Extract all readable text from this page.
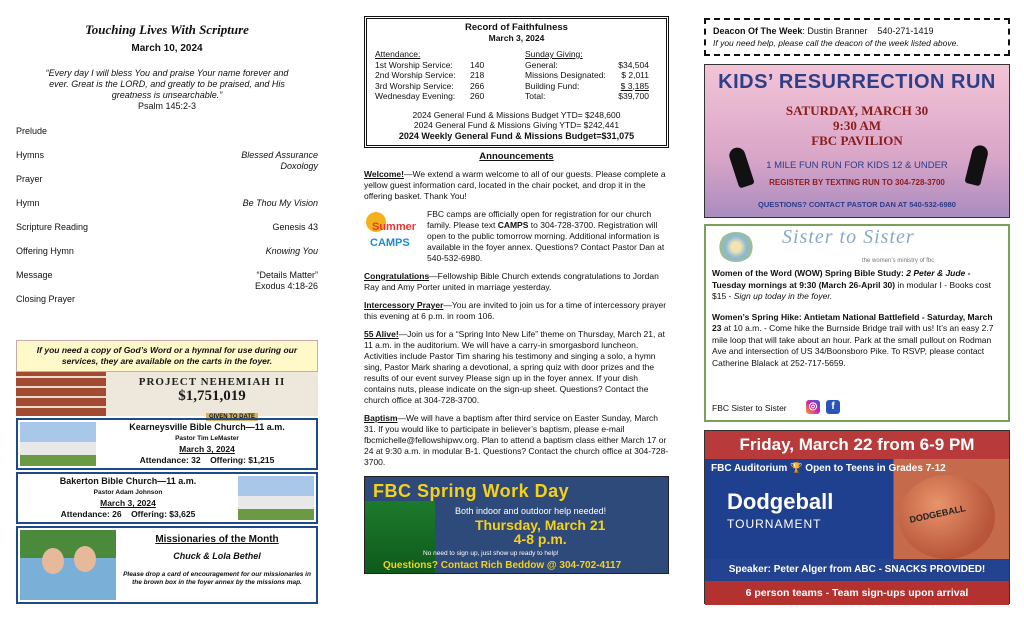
Touching Lives With Scripture
March 10, 2024
“Every day I will bless You and praise Your name forever and ever. Great is the LORD, and greatly to be praised, and His greatness is unsearchable.”
Psalm 145:2-3
Prelude
Hymns	Blessed Assurance
Doxology
Prayer
Hymn	Be Thou My Vision
Scripture Reading	Genesis 43
Offering Hymn	Knowing You
Message	“Details Matter”
Exodus 4:18-26
Closing Prayer
If you need a copy of God’s Word or a hymnal for use during our services, they are available on the carts in the foyer.
PROJECT NEHEMIAH II
$1,751,019
GIVEN TO DATE
Kearneysville Bible Church—11 a.m.
Pastor Tim LeMaster
March 3, 2024
Attendance: 32 Offering: $1,215
Bakerton Bible Church—11 a.m.
Pastor Adam Johnson
March 3, 2024
Attendance: 26 Offering: $3,625
Missionaries of the Month
Chuck & Lola Bethel
Please drop a card of encouragement for our missionaries in the brown box in the foyer annex by the missions map.
Record of Faithfulness
March 3, 2024
Attendance:
1st Worship Service:	140
2nd Worship Service:	218
3rd Worship Service:	266
Wednesday Evening:	260
Sunday Giving:
General:	$34,504
Missions Designated:	$ 2,011
Building Fund:	$ 3,185
Total:	$39,700
2024 General Fund & Missions Budget YTD= $248,600
2024 General Fund & Missions Giving YTD= $242,441
2024 Weekly General Fund & Missions Budget=$31,075
Announcements
Welcome!—We extend a warm welcome to all of our guests. Please complete a yellow guest information card, located in the chair pocket, and drop it in the offering basket. Thank You!
Summer
CAMPS
FBC camps are officially open for registration for our church family. Please text CAMPS to 304-728-3700. Registration will open to the public tomorrow morning. Additional information is available in the foyer annex. Questions? Contact Pastor Dan at 540-532-6980.
Congratulations—Fellowship Bible Church extends congratulations to Jordan Ray and Amy Porter united in marriage yesterday.
Intercessory Prayer—You are invited to join us for a time of intercessory prayer this evening at 6 p.m. in room 106.
55 Alive!—Join us for a “Spring Into New Life” theme on Thursday, March 21, at 11 a.m. in the auditorium. We will have a carry-in smorgasbord luncheon. Activities include Pastor Tim sharing his testimony and singing a solo, a hymn sing, Pastor Mark sharing a devotional, a spring quiz with door prizes and the results of our event survey Please sign up in the foyer annex. If your dish contains nuts, please indicate on the sign-up sheet. Questions? Contact the church office at 304-728-3700.
Baptism—We will have a baptism after third service on Easter Sunday, March 31. If you would like to participate in believer’s baptism, please e-mail fbcmichelle@fellowshipwv.org. Plan to attend a baptism class either March 17 or 24 at 9:30 a.m. in modular B-1. Questions? Contact the church office at 304-728-3700.
FBC Spring Work Day
Both indoor and outdoor help needed!
Thursday, March 21
4-8 p.m.
No need to sign up, just show up ready to help!
Questions? Contact Rich Beddow @ 304-702-4117
Deacon Of The Week: Dustin Branner 540-271-1419
If you need help, please call the deacon of the week listed above.
KIDS’ RESURRECTION RUN
SATURDAY, MARCH 30
9:30 AM
FBC PAVILION
1 MILE FUN RUN FOR KIDS 12 & UNDER
REGISTER BY TEXTING RUN TO 304-728-3700
QUESTIONS? CONTACT PASTOR DAN AT 540-532-6980
Sister to Sister
the women’s ministry of fbc

Women of the Word (WOW) Spring Bible Study: 2 Peter & Jude - Tuesday mornings at 9:30 (March 26-April 30) in modular I - Books cost $15 - Sign up today in the foyer.

Women’s Spring Hike: Antietam National Battlefield - Saturday, March 23 at 10 a.m. - Come hike the Burnside Bridge trail with us! It’s an easy 2.7 mile loop that will take about an hour. Park at the small pullout on Rodman Ave and intersection of US 34/Boonsboro Pike. To RSVP, please contact Catherine Blalack at 252-717-5659.

FBC Sister to Sister ◎	f
Friday, March 22 from 6-9 PM
FBC Auditorium 🏆 Open to Teens in Grades 7-12
Dodgeball
TOURNAMENT	DODGEBALL
Speaker: Peter Alger from ABC - SNACKS PROVIDED!
6 person teams - Team sign-ups upon arrival
